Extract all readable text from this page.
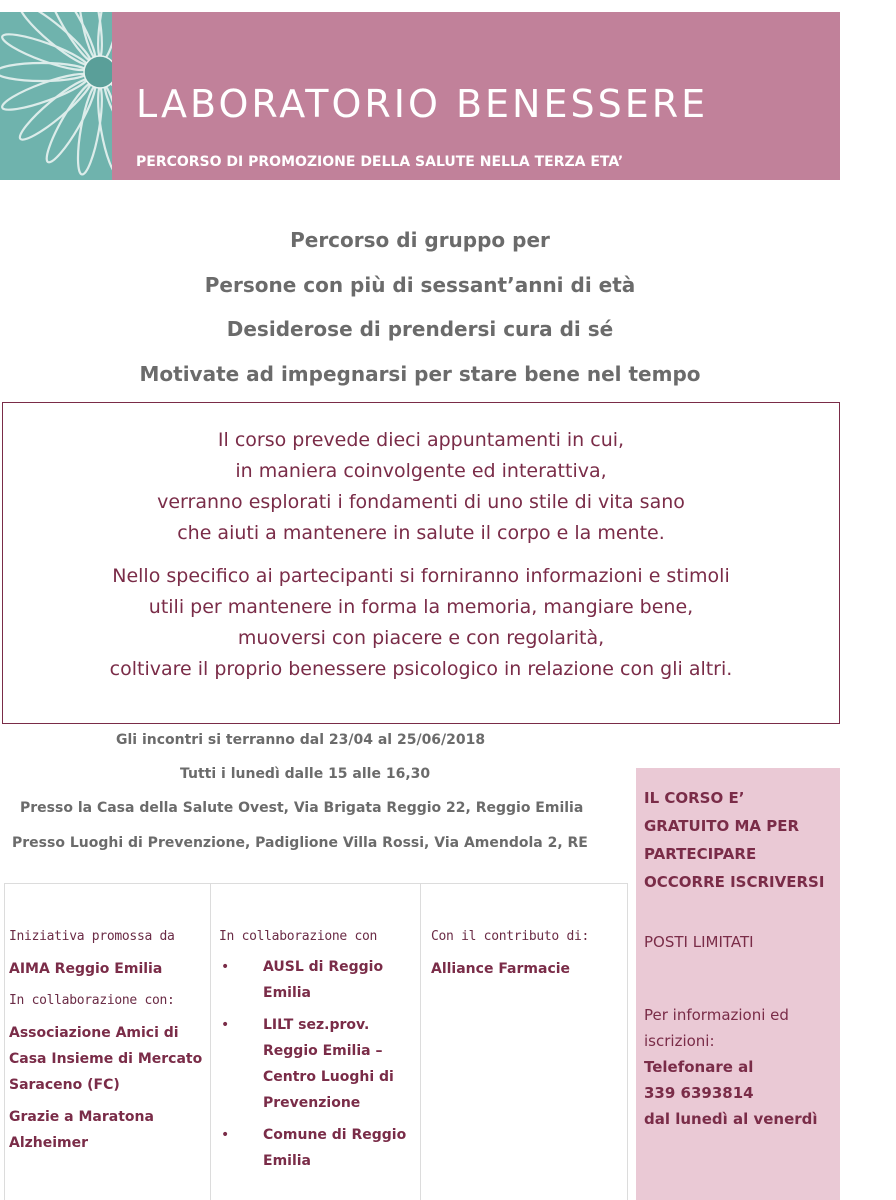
LABORATORIO BENESSERE
PERCORSO DI PROMOZIONE DELLA SALUTE NELLA TERZA ETA’
Percorso di gruppo per
Persone con più di sessant’anni di età
Desiderose di prendersi cura di sé
Motivate ad impegnarsi per stare bene nel tempo
Il corso prevede dieci appuntamenti in cui,
in maniera coinvolgente ed interattiva,
verranno esplorati i fondamenti di uno stile di vita sano
che aiuti a mantenere in salute il corpo e la mente.
Nello specifico ai partecipanti si forniranno informazioni e stimoli
utili per mantenere in forma la memoria, mangiare bene,
muoversi con piacere e con regolarità,
coltivare il proprio benessere psicologico in relazione con gli altri.
Gli incontri si terranno dal 23/04 al 25/06/2018
Tutti i lunedì dalle 15 alle 16,30
Presso la Casa della Salute Ovest, Via Brigata Reggio 22, Reggio Emilia
Presso Luoghi di Prevenzione, Padiglione Villa Rossi, Via Amendola 2, RE
Iniziativa promossa da
AIMA Reggio Emilia
In collaborazione con:
Associazione Amici di Casa Insieme di Mercato Saraceno (FC)
Grazie a Maratona Alzheimer
In collaborazione con
• AUSL di Reggio Emilia
• LILT sez.prov. Reggio Emilia – Centro Luoghi di Prevenzione
• Comune di Reggio Emilia
Con il contributo di:
Alliance Farmacie
IL CORSO E’ GRATUITO MA PER PARTECIPARE OCCORRE ISCRIVERSI
POSTI LIMITATI
Per informazioni ed iscrizioni:
Telefonare al
339 6393814
dal lunedì al venerdì
